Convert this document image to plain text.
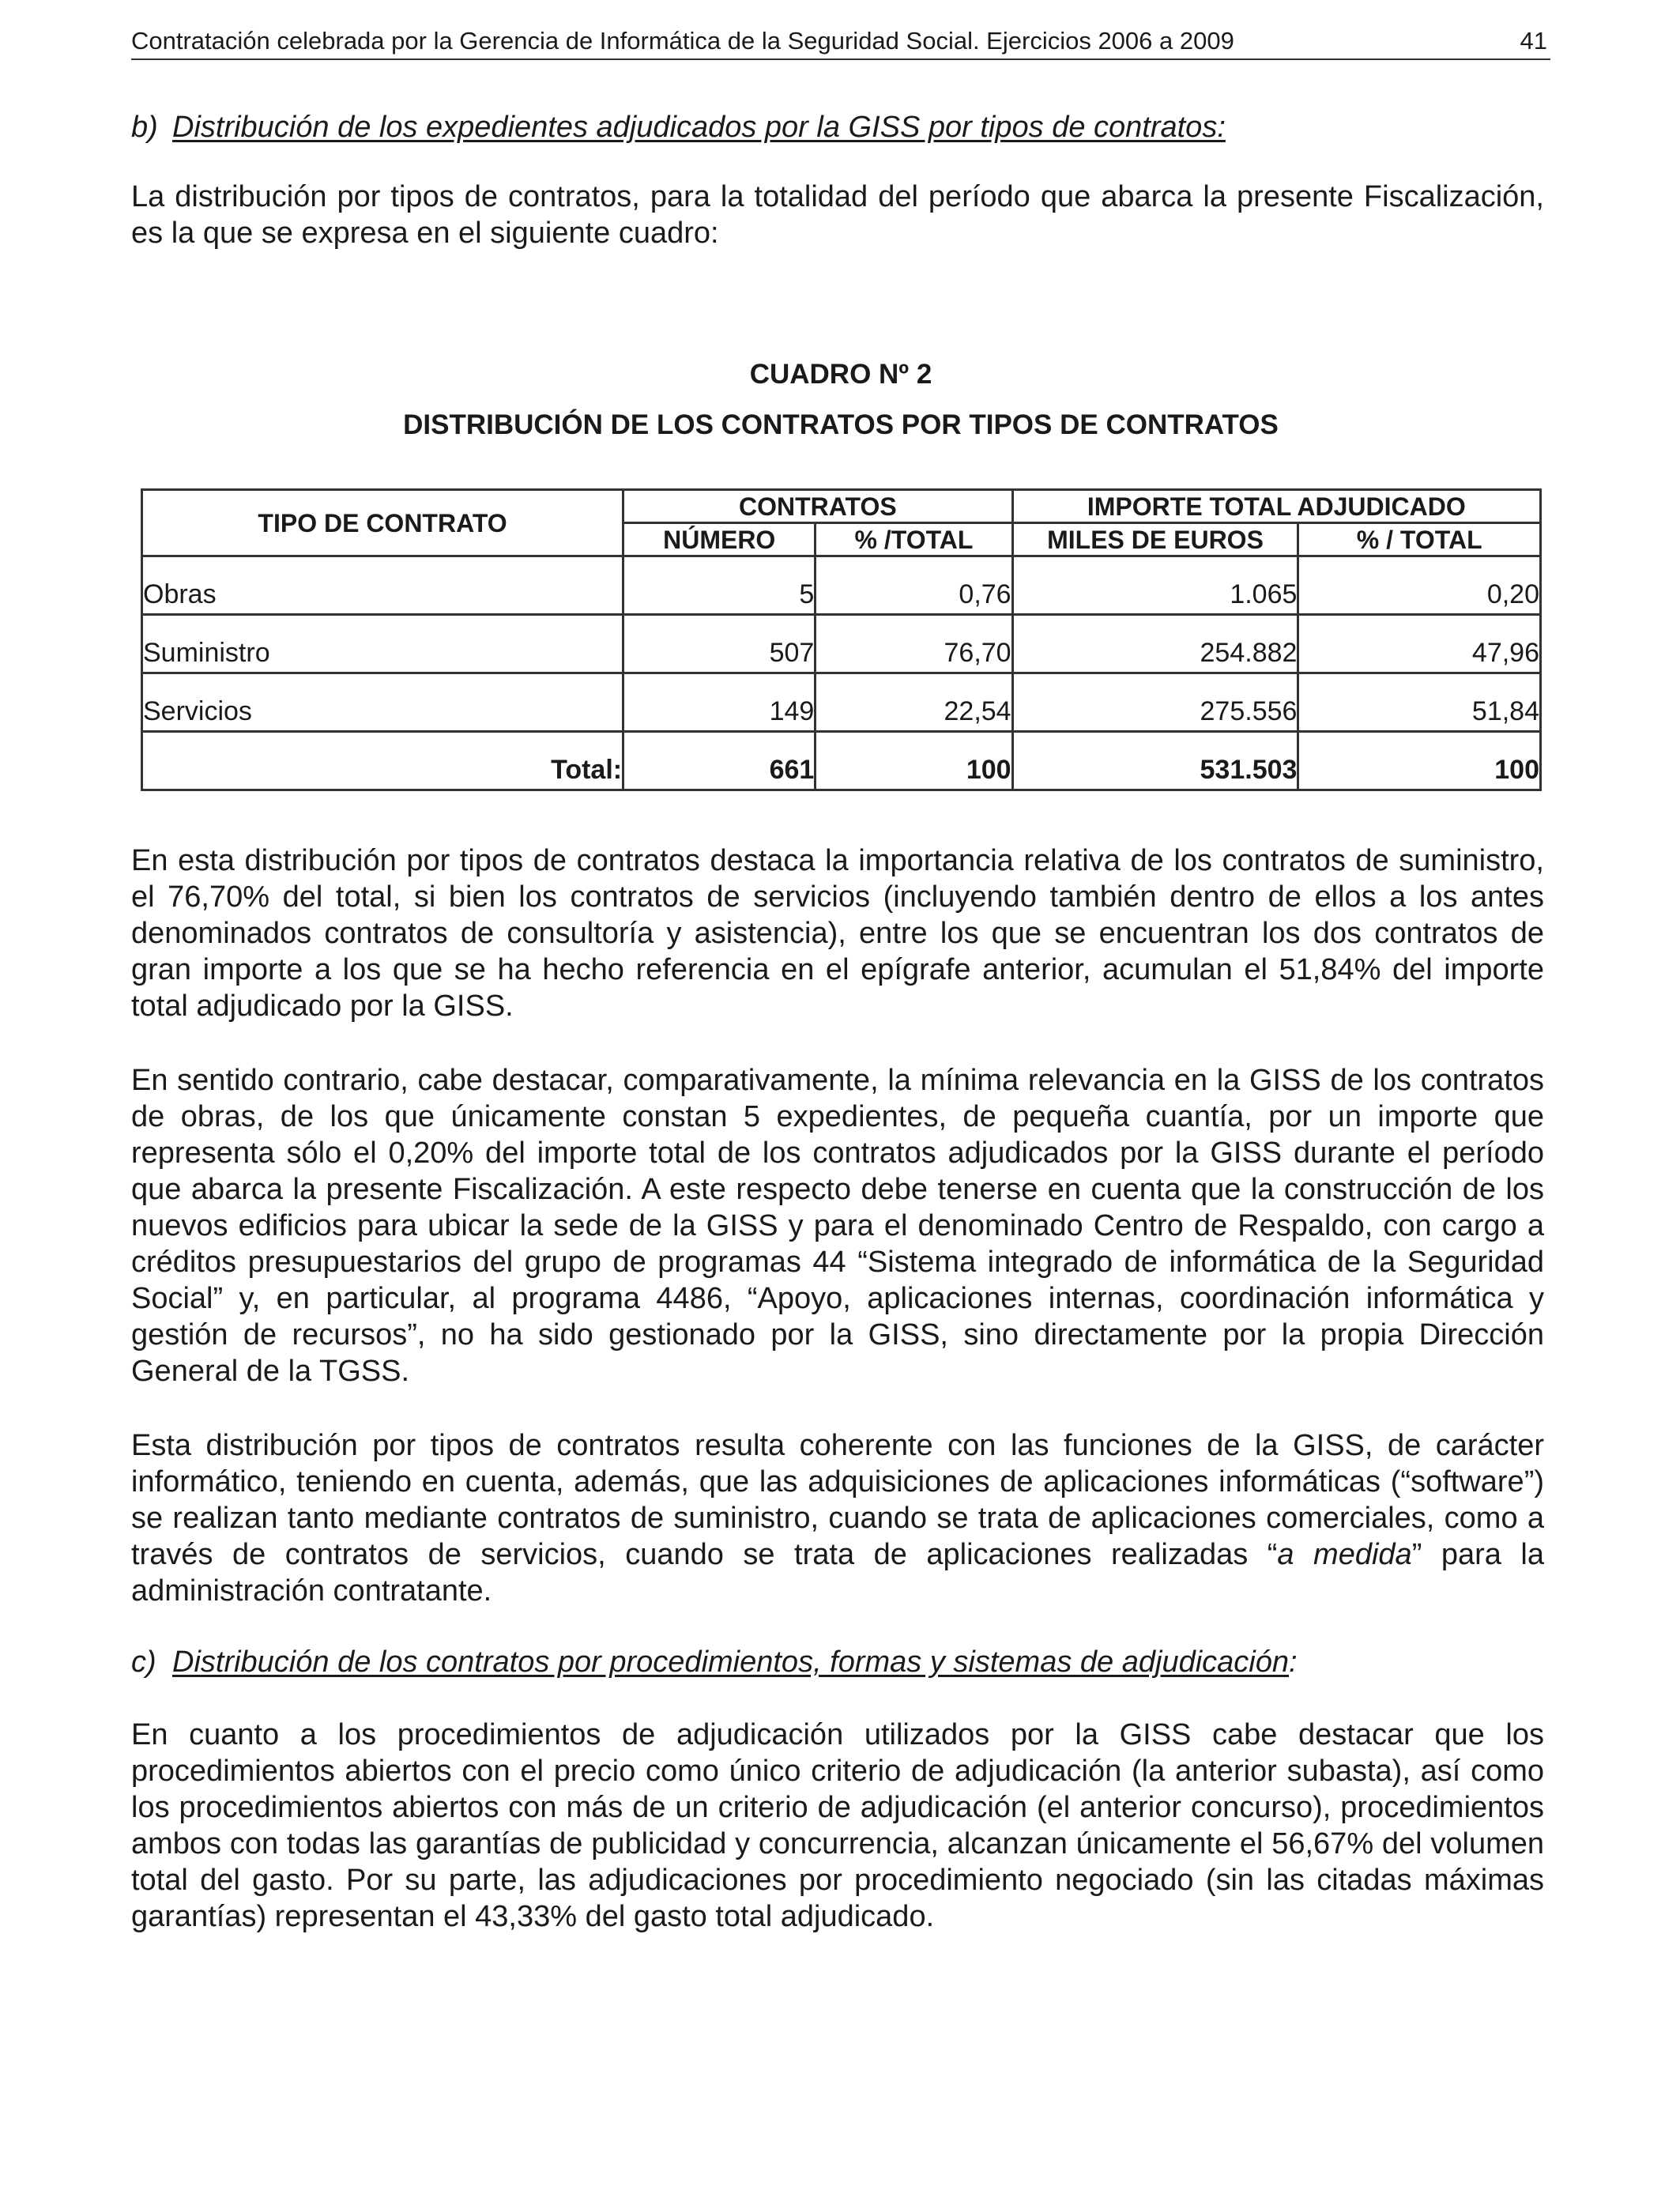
Contratación celebrada por la Gerencia de Informática de la Seguridad Social. Ejercicios 2006 a 2009	41
b) Distribución de los expedientes adjudicados por la GISS por tipos de contratos:

La distribución por tipos de contratos, para la totalidad del período que abarca la presente Fiscalización, es la que se expresa en el siguiente cuadro:

CUADRO Nº 2
DISTRIBUCIÓN DE LOS CONTRATOS POR TIPOS DE CONTRATOS
TIPO DE CONTRATO	CONTRATOS		IMPORTE TOTAL ADJUDICADO	
	NÚMERO	% /TOTAL	MILES DE EUROS	% / TOTAL
Obras	5	0,76	1.065	0,20
Suministro	507	76,70	254.882	47,96
Servicios	149	22,54	275.556	51,84
Total:	661	100	531.503	100

En esta distribución por tipos de contratos destaca la importancia relativa de los contratos de suministro, el 76,70% del total, si bien los contratos de servicios (incluyendo también dentro de ellos a los antes denominados contratos de consultoría y asistencia), entre los que se encuentran los dos contratos de gran importe a los que se ha hecho referencia en el epígrafe anterior, acumulan el 51,84% del importe total adjudicado por la GISS.

En sentido contrario, cabe destacar, comparativamente, la mínima relevancia en la GISS de los contratos de obras, de los que únicamente constan 5 expedientes, de pequeña cuantía, por un importe que representa sólo el 0,20% del importe total de los contratos adjudicados por la GISS durante el período que abarca la presente Fiscalización. A este respecto debe tenerse en cuenta que la construcción de los nuevos edificios para ubicar la sede de la GISS y para el denominado Centro de Respaldo, con cargo a créditos presupuestarios del grupo de programas 44 “Sistema integrado de informática de la Seguridad Social” y, en particular, al programa 4486, “Apoyo, aplicaciones internas, coordinación informática y gestión de recursos”, no ha sido gestionado por la GISS, sino directamente por la propia Dirección General de la TGSS.

Esta distribución por tipos de contratos resulta coherente con las funciones de la GISS, de carácter informático, teniendo en cuenta, además, que las adquisiciones de aplicaciones informáticas (“software”) se realizan tanto mediante contratos de suministro, cuando se trata de aplicaciones comerciales, como a través de contratos de servicios, cuando se trata de aplicaciones realizadas “a medida” para la administración contratante.

c) Distribución de los contratos por procedimientos, formas y sistemas de adjudicación:

En cuanto a los procedimientos de adjudicación utilizados por la GISS cabe destacar que los procedimientos abiertos con el precio como único criterio de adjudicación (la anterior subasta), así como los procedimientos abiertos con más de un criterio de adjudicación (el anterior concurso), procedimientos ambos con todas las garantías de publicidad y concurrencia, alcanzan únicamente el 56,67% del volumen total del gasto. Por su parte, las adjudicaciones por procedimiento negociado (sin las citadas máximas garantías) representan el 43,33% del gasto total adjudicado.
